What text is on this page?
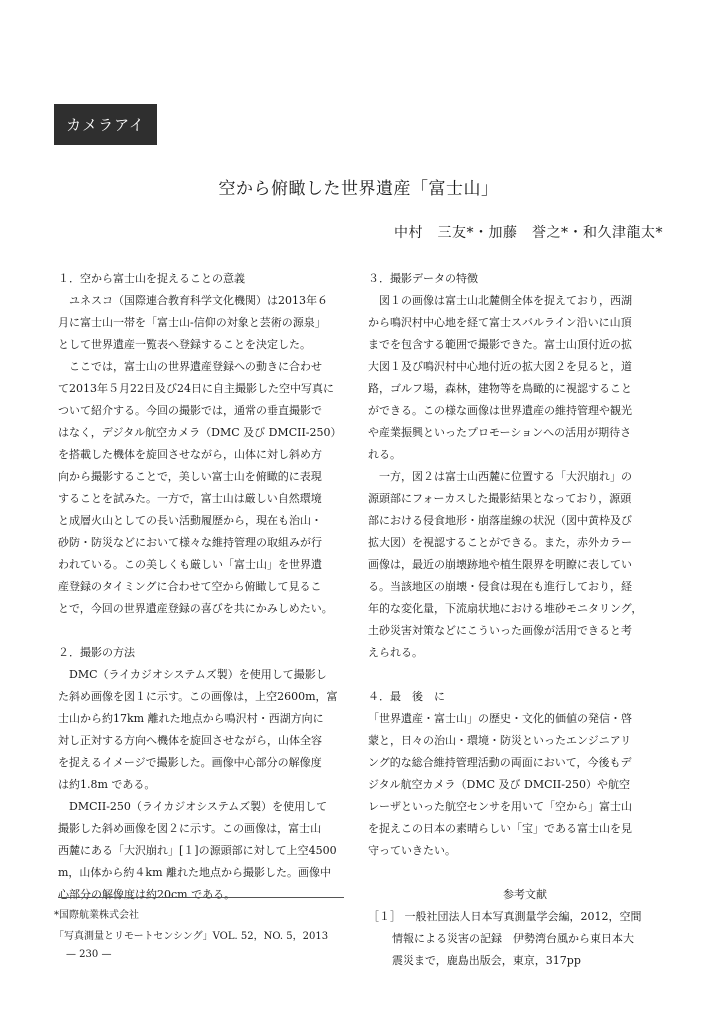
カメラアイ
空から俯瞰した世界遺産「富士山」
中村　三友*・加藤　誉之*・和久津龍太*
１．空から富士山を捉えることの意義
ユネスコ（国際連合教育科学文化機関）は2013年６
月に富士山一帯を「富士山-信仰の対象と芸術の源泉」
として世界遺産一覧表へ登録することを決定した。
ここでは，富士山の世界遺産登録への動きに合わせ
て2013年５月22日及び24日に自主撮影した空中写真に
ついて紹介する。今回の撮影では，通常の垂直撮影で
はなく，デジタル航空カメラ（DMC 及び DMCII-250）
を搭載した機体を旋回させながら，山体に対し斜め方
向から撮影することで，美しい富士山を俯瞰的に表現
することを試みた。一方で，富士山は厳しい自然環境
と成層火山としての長い活動履歴から，現在も治山・
砂防・防災などにおいて様々な維持管理の取組みが行
われている。この美しくも厳しい「富士山」を世界遺
産登録のタイミングに合わせて空から俯瞰して見るこ
とで，今回の世界遺産登録の喜びを共にかみしめたい。
２．撮影の方法
DMC（ライカジオシステムズ製）を使用して撮影し
た斜め画像を図１に示す。この画像は，上空2600m，富
士山から約17km 離れた地点から鳴沢村・西湖方向に
対し正対する方向へ機体を旋回させながら，山体全容
を捉えるイメージで撮影した。画像中心部分の解像度
は約1.8m である。
DMCII-250（ライカジオシステムズ製）を使用して
撮影した斜め画像を図２に示す。この画像は，富士山
西麓にある「大沢崩れ」[１]の源頭部に対して上空4500
m，山体から約４km 離れた地点から撮影した。画像中
心部分の解像度は約20cm である。
３．撮影データの特徴
図１の画像は富士山北麓側全体を捉えており，西湖
から鳴沢村中心地を経て富士スバルライン沿いに山頂
までを包含する範囲で撮影できた。富士山頂付近の拡
大図１及び鳴沢村中心地付近の拡大図２を見ると，道
路，ゴルフ場，森林，建物等を鳥瞰的に視認すること
ができる。この様な画像は世界遺産の維持管理や観光
や産業振興といったプロモーションへの活用が期待さ
れる。
一方，図２は富士山西麓に位置する「大沢崩れ」の
源頭部にフォーカスした撮影結果となっており，源頭
部における侵食地形・崩落崖線の状況（図中黄枠及び
拡大図）を視認することができる。また，赤外カラー
画像は，最近の崩壊跡地や植生限界を明瞭に表してい
る。当該地区の崩壊・侵食は現在も進行しており，経
年的な変化量，下流扇状地における堆砂モニタリング，
土砂災害対策などにこういった画像が活用できると考
えられる。
４．最　後　に
「世界遺産・富士山」の歴史・文化的価値の発信・啓
蒙と，日々の治山・環境・防災といったエンジニアリ
ング的な総合維持管理活動の両面において，今後もデ
ジタル航空カメラ（DMC 及び DMCII-250）や航空
レーザといった航空センサを用いて「空から」富士山
を捉えこの日本の素晴らしい「宝」である富士山を見
守っていきたい。
参考文献
［１］ 一般社団法人日本写真測量学会編，2012，空間
情報による災害の記録　伊勢湾台風から東日本大
震災まで，鹿島出版会，東京，317pp
*国際航業株式会社
「写真測量とリモートセンシング」VOL. 52，NO. 5，2013
— 230 —
